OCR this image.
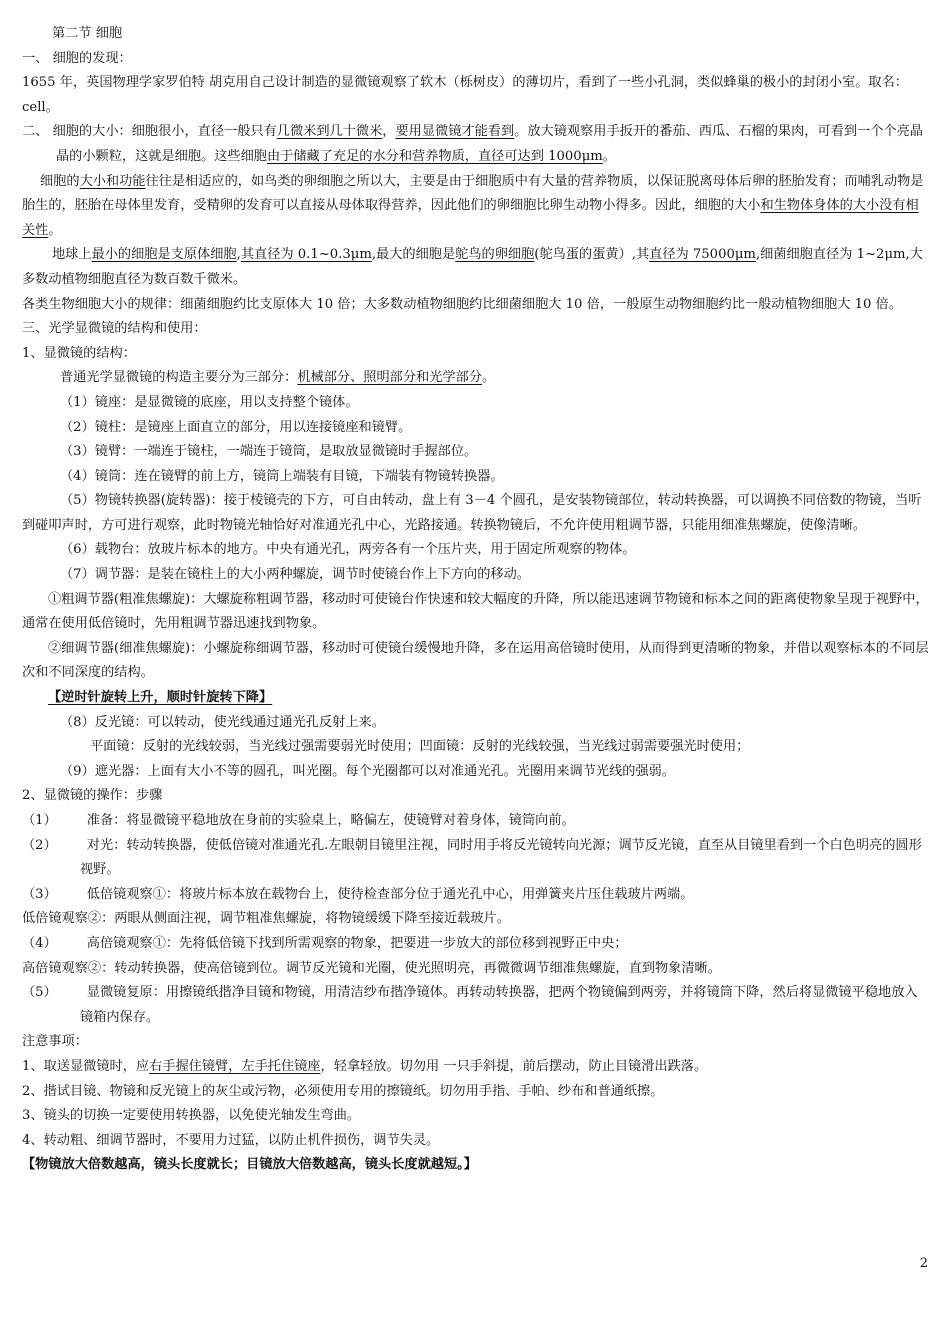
第二节 细胞
一、 细胞的发现：
1655 年，英国物理学家罗伯特 胡克用自己设计制造的显微镜观察了软木（栎树皮）的薄切片，看到了一些小孔洞，类似蜂巢的极小的封闭小室。取名：cell。
二、 细胞的大小：细胞很小，直径一般只有几微米到几十微米，要用显微镜才能看到。放大镜观察用手扳开的番茄、西瓜、石榴的果肉，可看到一个个亮晶晶的小颗粒，这就是细胞。这些细胞由于储藏了充足的水分和营养物质，直径可达到 1000μm。
细胞的大小和功能往往是相适应的，如鸟类的卵细胞之所以大，主要是由于细胞质中有大量的营养物质，以保证脱离母体后卵的胚胎发育；而哺乳动物是胎生的，胚胎在母体里发育，受精卵的发育可以直接从母体取得营养，因此他们的卵细胞比卵生动物小得多。因此，细胞的大小和生物体身体的大小没有相关性。
地球上最小的细胞是支原体细胞,其直径为 0.1~0.3μm,最大的细胞是鸵鸟的卵细胞(鸵鸟蛋的蛋黄）,其直径为 75000μm,细菌细胞直径为 1~2μm,大多数动植物细胞直径为数百数千微米。
各类生物细胞大小的规律：细菌细胞约比支原体大 10 倍；大多数动植物细胞约比细菌细胞大 10 倍，一般原生动物细胞约比一般动植物细胞大 10 倍。
三、光学显微镜的结构和使用：
1、显微镜的结构：
普通光学显微镜的构造主要分为三部分：机械部分、照明部分和光学部分。
（1）镜座：是显微镜的底座，用以支持整个镜体。
（2）镜柱：是镜座上面直立的部分，用以连接镜座和镜臂。
（3）镜臂：一端连于镜柱，一端连于镜筒，是取放显微镜时手握部位。
（4）镜筒：连在镜臂的前上方，镜筒上端装有目镜，下端装有物镜转换器。
（5）物镜转换器(旋转器)：接于棱镜壳的下方，可自由转动，盘上有 3－4 个圆孔，是安装物镜部位，转动转换器，可以调换不同倍数的物镜，当听到碰叩声时，方可进行观察，此时物镜光轴恰好对准通光孔中心，光路接通。转换物镜后，不允许使用粗调节器，只能用细准焦螺旋，使像清晰。
（6）载物台：放玻片标本的地方。中央有通光孔，两旁各有一个压片夹，用于固定所观察的物体。
（7）调节器：是装在镜柱上的大小两种螺旋，调节时使镜台作上下方向的移动。
①粗调节器(粗准焦螺旋)：大螺旋称粗调节器，移动时可使镜台作快速和较大幅度的升降，所以能迅速调节物镜和标本之间的距离使物象呈现于视野中，通常在使用低倍镜时，先用粗调节器迅速找到物象。
②细调节器(细准焦螺旋)：小螺旋称细调节器，移动时可使镜台缓慢地升降，多在运用高倍镜时使用，从而得到更清晰的物象，并借以观察标本的不同层次和不同深度的结构。
【逆时针旋转上升，顺时针旋转下降】
（8）反光镜：可以转动，使光线通过通光孔反射上来。
平面镜：反射的光线较弱，当光线过强需要弱光时使用；凹面镜：反射的光线较强，当光线过弱需要强光时使用；
（9）遮光器：上面有大小不等的圆孔，叫光圈。每个光圈都可以对准通光孔。光圈用来调节光线的强弱。
2、显微镜的操作：步骤
（1） 准备：将显微镜平稳地放在身前的实验桌上，略偏左，使镜臂对着身体，镜筒向前。
（2） 对光：转动转换器，使低倍镜对准通光孔.左眼朝目镜里注视，同时用手将反光镜转向光源；调节反光镜，直至从目镜里看到一个白色明亮的圆形视野。
（3） 低倍镜观察①：将玻片标本放在载物台上，使待检查部分位于通光孔中心，用弹簧夹片压住载玻片两端。
低倍镜观察②：两眼从侧面注视，调节粗准焦螺旋，将物镜缓缓下降至接近载玻片。
（4） 高倍镜观察①：先将低倍镜下找到所需观察的物象，把要进一步放大的部位移到视野正中央；
高倍镜观察②：转动转换器，使高倍镜到位。调节反光镜和光圈，使光照明亮，再微微调节细准焦螺旋，直到物象清晰。
（5） 显微镜复原：用擦镜纸揩净目镜和物镜，用清洁纱布揩净镜体。再转动转换器，把两个物镜偏到两旁，并将镜筒下降，然后将显微镜平稳地放入镜箱内保存。
注意事项：
1、取送显微镜时，应右手握住镜臂，左手托住镜座，轻拿轻放。切勿用 一只手斜提，前后摆动，防止目镜滑出跌落。
2、揩试目镜、物镜和反光镜上的灰尘或污物，必须使用专用的擦镜纸。切勿用手指、手帕、纱布和普通纸擦。
3、镜头的切换一定要使用转换器，以免使光轴发生弯曲。
4、转动粗、细调节器时，不要用力过猛，以防止机件损伤，调节失灵。
【物镜放大倍数越高，镜头长度就长；目镜放大倍数越高，镜头长度就越短。】
2
